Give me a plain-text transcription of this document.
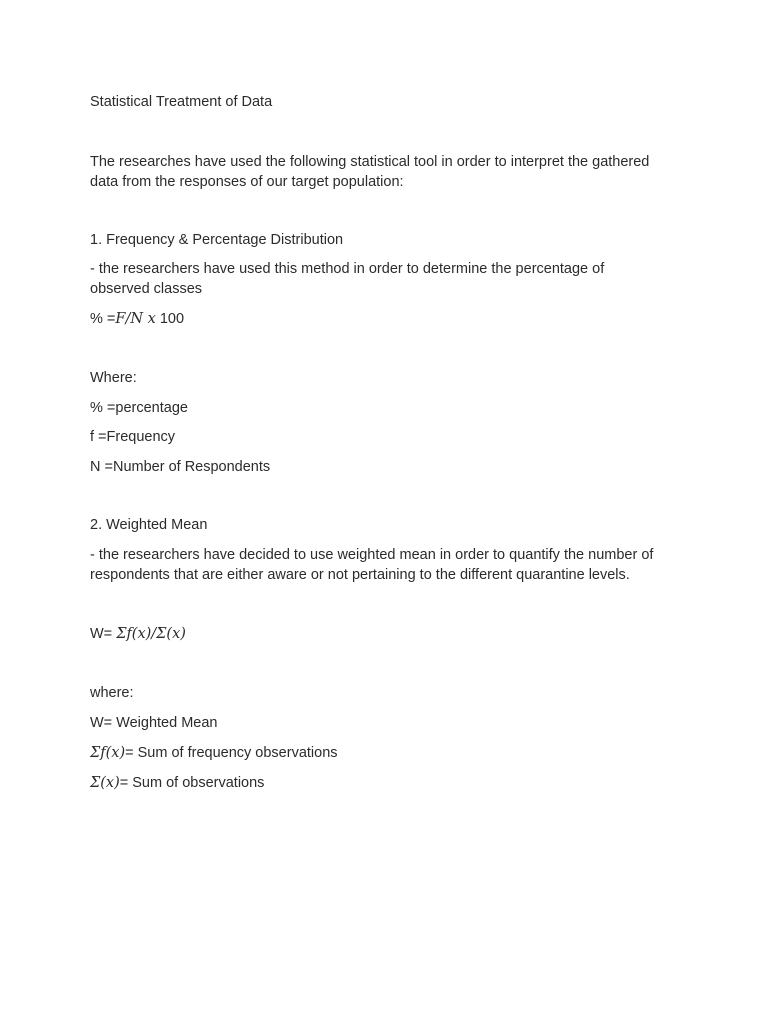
Statistical Treatment of Data
The researches have used the following statistical tool in order to interpret the gathered
data from the responses of our target population:
1. Frequency & Percentage Distribution
- the researchers have used this method in order to determine the percentage of
observed classes
% =F/N x 100
Where:
% =percentage
f =Frequency
N =Number of Respondents
2. Weighted Mean
- the researchers have decided to use weighted mean in order to quantify the number of
respondents that are either aware or not pertaining to the different quarantine levels.
W= Σf(x)/Σ(x)
where:
W= Weighted Mean
Σf(x)= Sum of frequency observations
Σ(x)= Sum of observations
